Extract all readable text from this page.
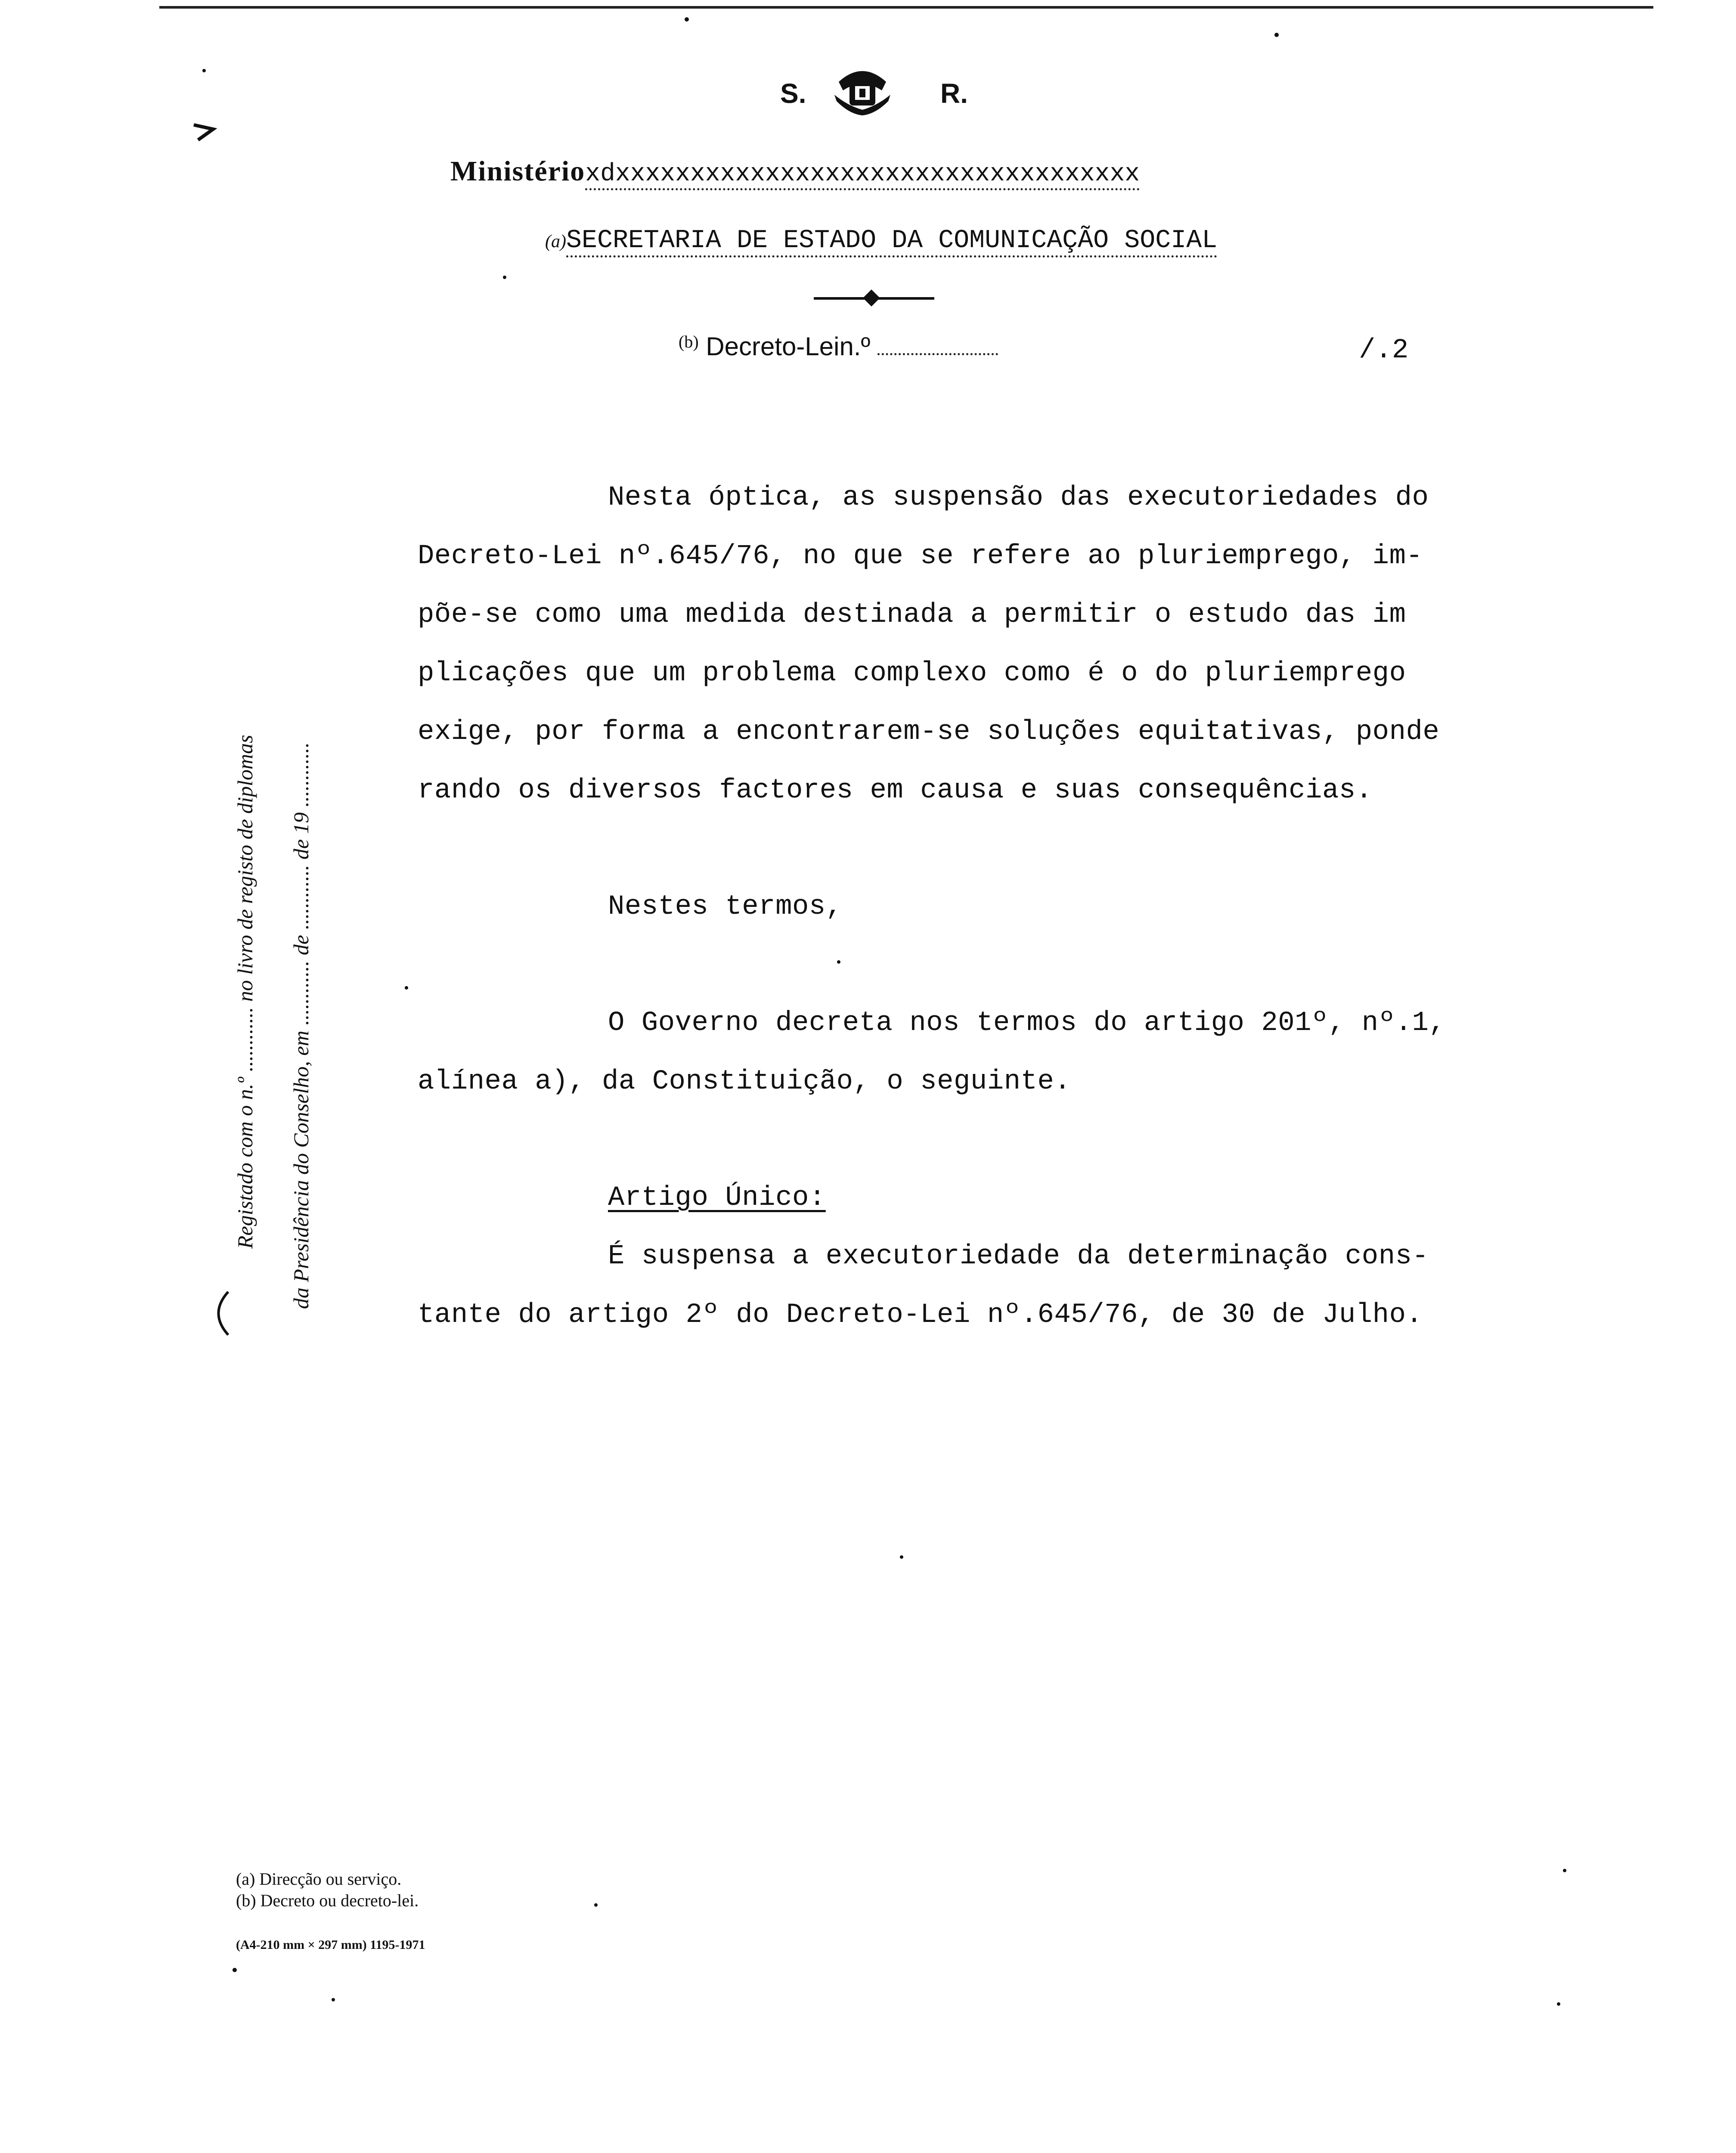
S.	R.
Ministérioxdxxxxxxxxxxxxxxxxxxxxxxxxxxxxxxxxxxx
(a)SECRETARIA DE ESTADO DA COMUNICAÇÃO SOCIAL
$^{(b)}$ Decreto-Lein.º	/.2
Nesta óptica, as suspensão das executoriedades do
Decreto-Lei nº.645/76, no que se refere ao pluriemprego, im-
põe-se como uma medida destinada a permitir o estudo das im
plicações que um problema complexo como é o do pluriemprego
exige, por forma a encontrarem-se soluções equitativas, ponde
rando os diversos factores em causa e suas consequências.
Nestes termos,
O Governo decreta nos termos do artigo 201º, nº.1,
alínea a), da Constituição, o seguinte.
Artigo Único:
É suspensa a executoriedade da determinação cons-
tante do artigo 2º do Decreto-Lei nº.645/76, de 30 de Julho.
Registado com o n.º ............ no livro de registo de diplomas da Presidência do Conselho, em ............ de ............ de 19 ............
(a) Direcção ou serviço.
(b) Decreto ou decreto-lei.
(A4-210 mm × 297 mm) 1195-1971
